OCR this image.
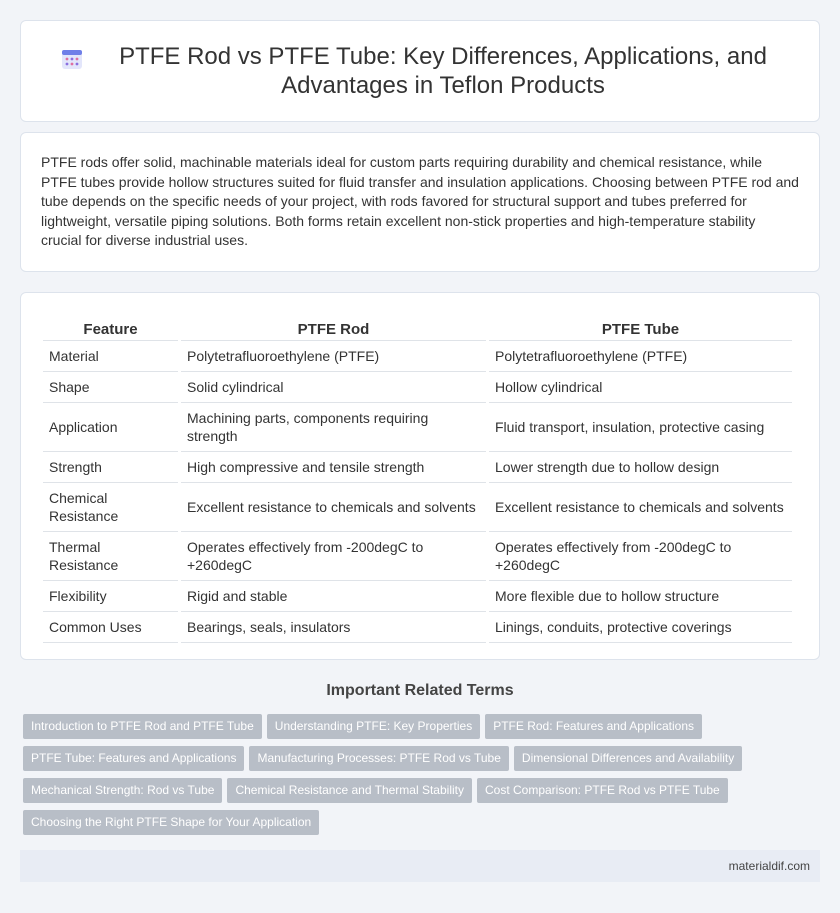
PTFE Rod vs PTFE Tube: Key Differences, Applications, and Advantages in Teflon Products

PTFE rods offer solid, machinable materials ideal for custom parts requiring durability and chemical resistance, while PTFE tubes provide hollow structures suited for fluid transfer and insulation applications. Choosing between PTFE rod and tube depends on the specific needs of your project, with rods favored for structural support and tubes preferred for lightweight, versatile piping solutions. Both forms retain excellent non-stick properties and high-temperature stability crucial for diverse industrial uses.

Feature	PTFE Rod	PTFE Tube
Material	Polytetrafluoroethylene (PTFE)	Polytetrafluoroethylene (PTFE)
Shape	Solid cylindrical	Hollow cylindrical
Application	Machining parts, components requiring strength	Fluid transport, insulation, protective casing
Strength	High compressive and tensile strength	Lower strength due to hollow design
Chemical Resistance	Excellent resistance to chemicals and solvents	Excellent resistance to chemicals and solvents
Thermal Resistance	Operates effectively from -200degC to +260degC	Operates effectively from -200degC to +260degC
Flexibility	Rigid and stable	More flexible due to hollow structure
Common Uses	Bearings, seals, insulators	Linings, conduits, protective coverings
Important Related Terms
Introduction to PTFE Rod and PTFE Tube Understanding PTFE: Key Properties PTFE Rod: Features and Applications
PTFE Tube: Features and Applications Manufacturing Processes: PTFE Rod vs Tube Dimensional Differences and Availability
Mechanical Strength: Rod vs Tube Chemical Resistance and Thermal Stability Cost Comparison: PTFE Rod vs PTFE Tube
Choosing the Right PTFE Shape for Your Application
materialdif.com
